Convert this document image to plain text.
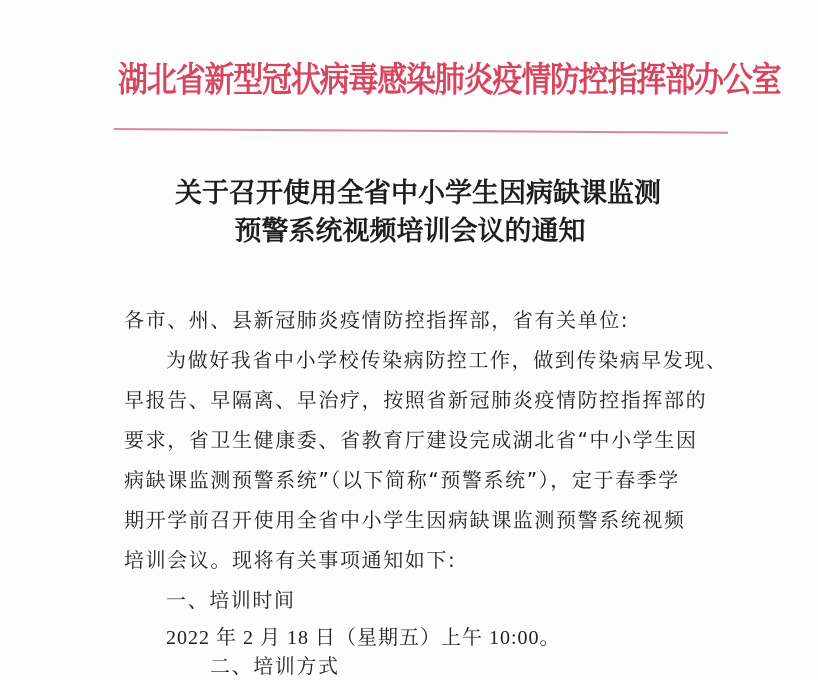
湖北省新型冠状病毒感染肺炎疫情防控指挥部办公室
关于召开使用全省中小学生因病缺课监测
预警系统视频培训会议的通知
各市、州、县新冠肺炎疫情防控指挥部，省有关单位:
为做好我省中小学校传染病防控工作，做到传染病早发现、
早报告、早隔离、早治疗，按照省新冠肺炎疫情防控指挥部的
要求，省卫生健康委、省教育厅建设完成湖北省“中小学生因
病缺课监测预警系统”（以下简称“预警系统”），定于春季学
期开学前召开使用全省中小学生因病缺课监测预警系统视频
培训会议。现将有关事项通知如下:
一、培训时间
2022 年 2 月 18 日（星期五）上午 10:00。
二、培训方式
